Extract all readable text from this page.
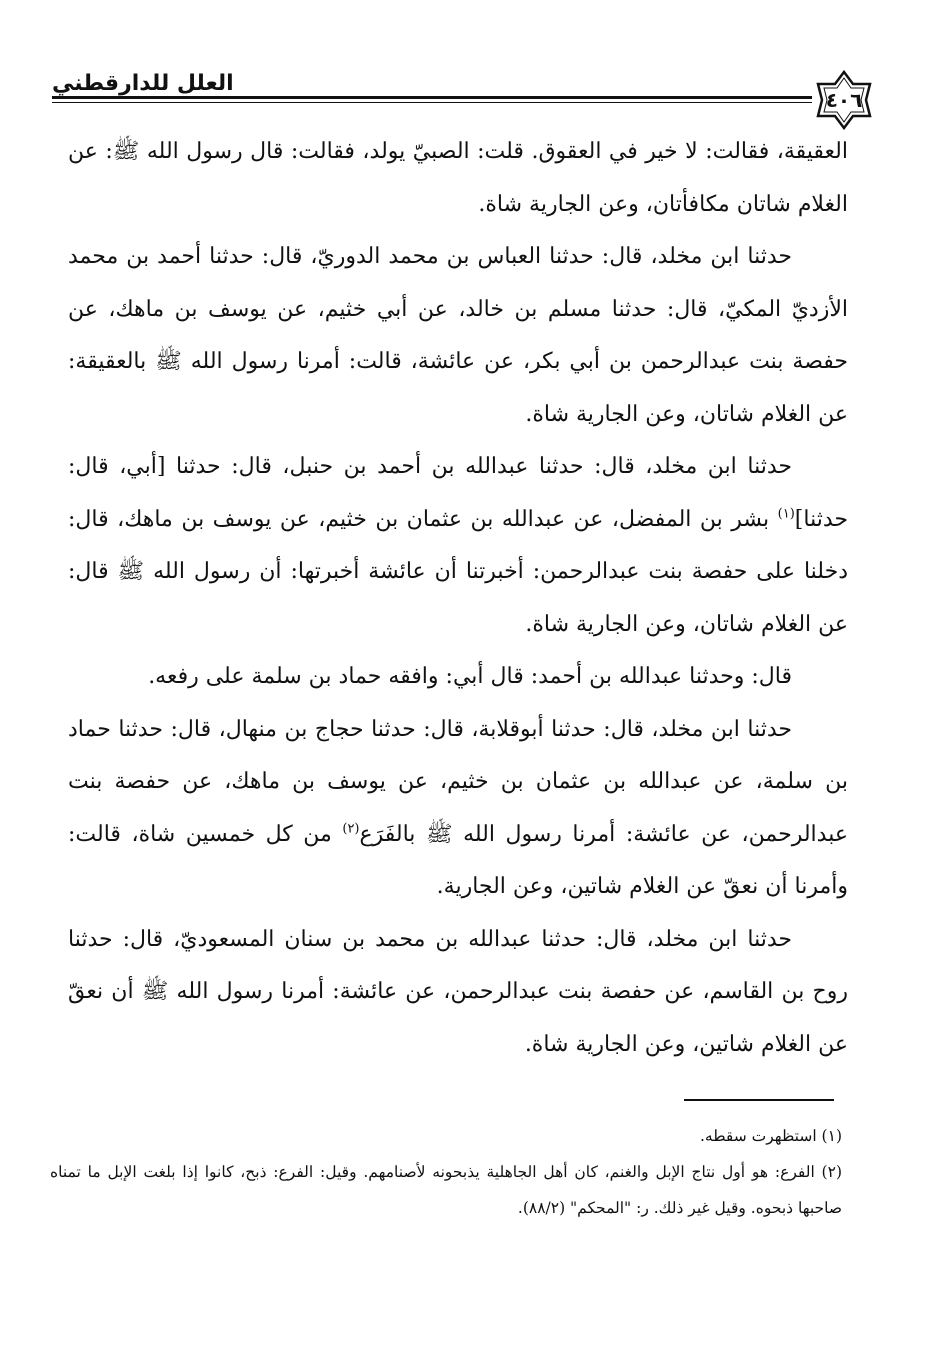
العلل للدارقطني
٤٠٦

العقيقة، فقالت: لا خير في العقوق. قلت: الصبيّ يولد، فقالت: قال رسول الله ﷺ: عن الغلام شاتان مكافأتان، وعن الجارية شاة.

حدثنا ابن مخلد، قال: حدثنا العباس بن محمد الدوريّ، قال: حدثنا أحمد بن محمد الأزديّ المكيّ، قال: حدثنا مسلم بن خالد، عن أبي خثيم، عن يوسف بن ماهك، عن حفصة بنت عبدالرحمن بن أبي بكر، عن عائشة، قالت: أمرنا رسول الله ﷺ بالعقيقة: عن الغلام شاتان، وعن الجارية شاة.

حدثنا ابن مخلد، قال: حدثنا عبدالله بن أحمد بن حنبل، قال: حدثنا [أبي، قال: حدثنا]$^{(١)}$ بشر بن المفضل، عن عبدالله بن عثمان بن خثيم، عن يوسف بن ماهك، قال: دخلنا على حفصة بنت عبدالرحمن: أخبرتنا أن عائشة أخبرتها: أن رسول الله ﷺ قال: عن الغلام شاتان، وعن الجارية شاة.

قال: وحدثنا عبدالله بن أحمد: قال أبي: وافقه حماد بن سلمة على رفعه.

حدثنا ابن مخلد، قال: حدثنا أبوقلابة، قال: حدثنا حجاج بن منهال، قال: حدثنا حماد بن سلمة، عن عبدالله بن عثمان بن خثيم، عن يوسف بن ماهك، عن حفصة بنت عبدالرحمن، عن عائشة: أمرنا رسول الله ﷺ بالفَرَع$^{(٢)}$ من كل خمسين شاة، قالت: وأمرنا أن نعقّ عن الغلام شاتين، وعن الجارية.

حدثنا ابن مخلد، قال: حدثنا عبدالله بن محمد بن سنان المسعوديّ، قال: حدثنا روح بن القاسم، عن حفصة بنت عبدالرحمن، عن عائشة: أمرنا رسول الله ﷺ أن نعقّ عن الغلام شاتين، وعن الجارية شاة.

(١) استظهرت سقطه.

(٢) الفرع: هو أول نتاج الإبل والغنم، كان أهل الجاهلية يذبحونه لأصنامهم. وقيل: الفرع: ذبح، كانوا إذا بلغت الإبل ما تمناه صاحبها ذبحوه. وقيل غير ذلك. ر: "المحكم" (٨٨/٢).
